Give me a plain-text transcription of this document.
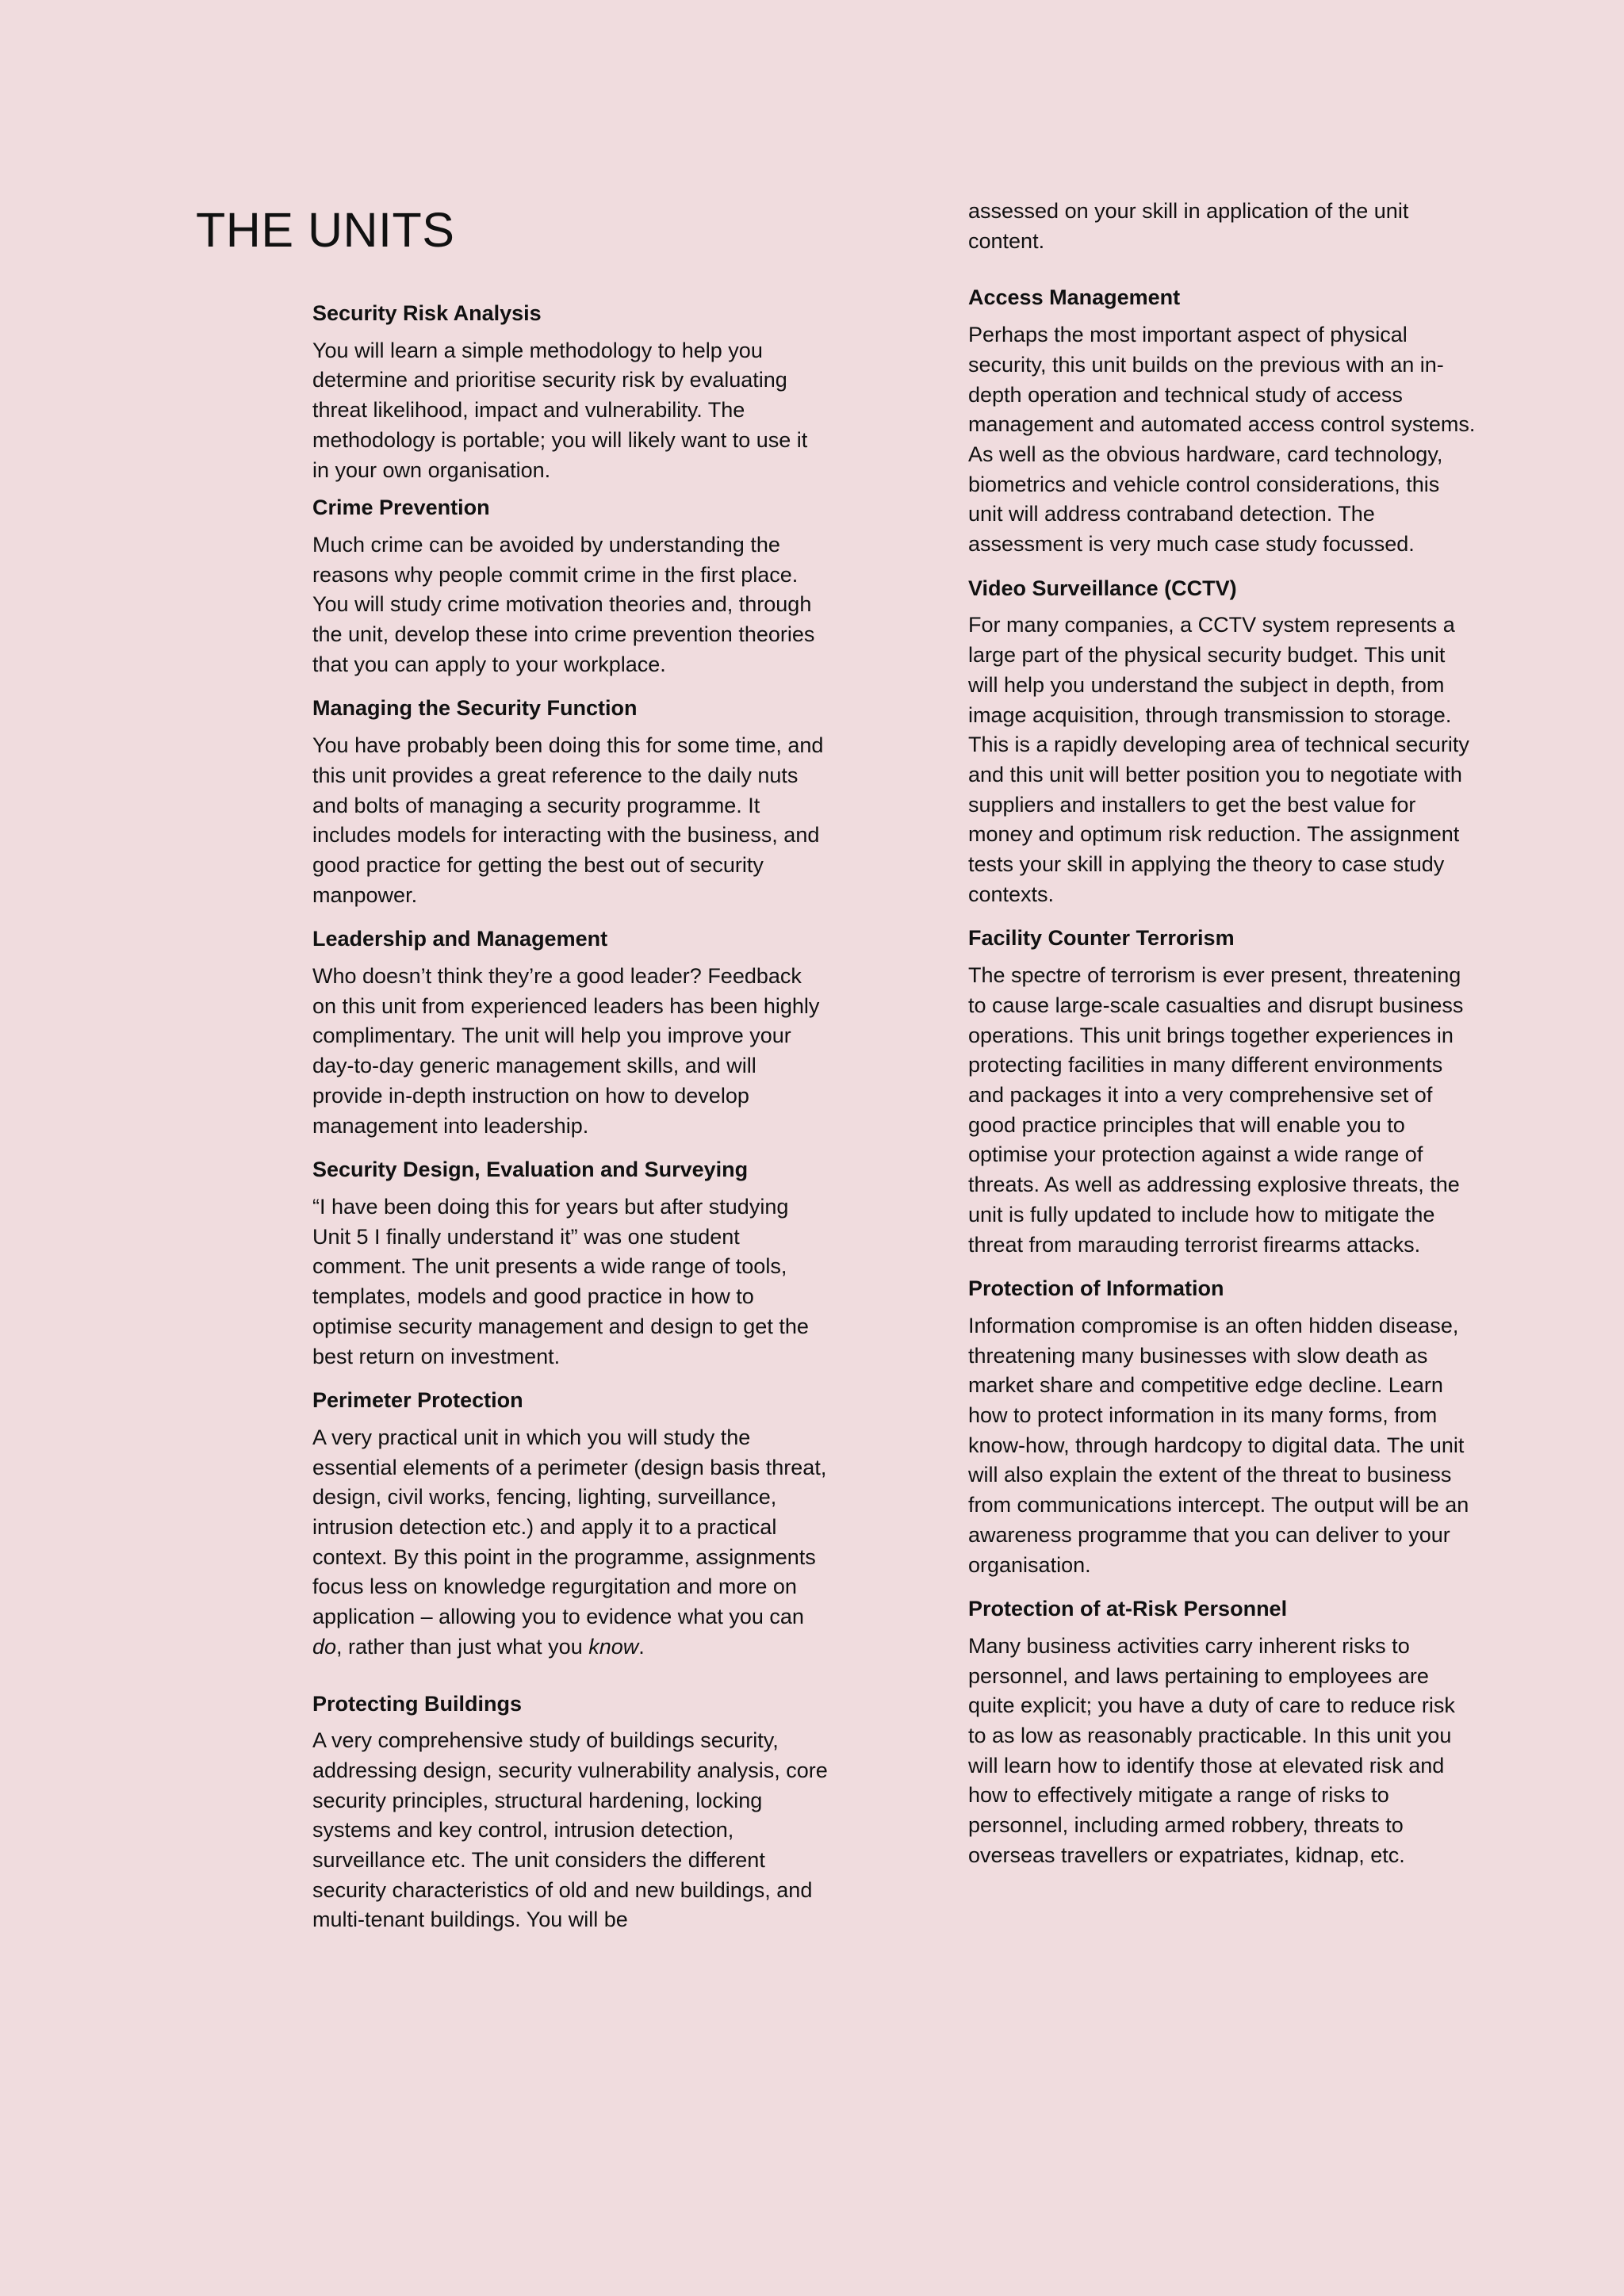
THE UNITS
Security Risk Analysis

You will learn a simple methodology to help you determine and prioritise security risk by evaluating threat likelihood, impact and vulnerability. The methodology is portable; you will likely want to use it in your own organisation.

Crime Prevention

Much crime can be avoided by understanding the reasons why people commit crime in the first place. You will study crime motivation theories and, through the unit, develop these into crime prevention theories that you can apply to your workplace.

Managing the Security Function

You have probably been doing this for some time, and this unit provides a great reference to the daily nuts and bolts of managing a security programme. It includes models for interacting with the business, and good practice for getting the best out of security manpower.

Leadership and Management

Who doesn’t think they’re a good leader? Feedback on this unit from experienced leaders has been highly complimentary. The unit will help you improve your day-to-day generic management skills, and will provide in-depth instruction on how to develop management into leadership.

Security Design, Evaluation and Surveying

“I have been doing this for years but after studying Unit 5 I finally understand it” was one student comment. The unit presents a wide range of tools, templates, models and good practice in how to optimise security management and design to get the best return on investment.

Perimeter Protection

A very practical unit in which you will study the essential elements of a perimeter (design basis threat, design, civil works, fencing, lighting, surveillance, intrusion detection etc.) and apply it to a practical context. By this point in the programme, assignments focus less on knowledge regurgitation and more on application – allowing you to evidence what you can do, rather than just what you know.

Protecting Buildings

A very comprehensive study of buildings security, addressing design, security vulnerability analysis, core security principles, structural hardening, locking systems and key control, intrusion detection, surveillance etc. The unit considers the different security characteristics of old and new buildings, and multi-tenant buildings. You will be

assessed on your skill in application of the unit content.

Access Management

Perhaps the most important aspect of physical security, this unit builds on the previous with an in-depth operation and technical study of access management and automated access control systems. As well as the obvious hardware, card technology, biometrics and vehicle control considerations, this unit will address contraband detection. The assessment is very much case study focussed.

Video Surveillance (CCTV)

For many companies, a CCTV system represents a large part of the physical security budget. This unit will help you understand the subject in depth, from image acquisition, through transmission to storage. This is a rapidly developing area of technical security and this unit will better position you to negotiate with suppliers and installers to get the best value for money and optimum risk reduction. The assignment tests your skill in applying the theory to case study contexts.

Facility Counter Terrorism

The spectre of terrorism is ever present, threatening to cause large-scale casualties and disrupt business operations. This unit brings together experiences in protecting facilities in many different environments and packages it into a very comprehensive set of good practice principles that will enable you to optimise your protection against a wide range of threats. As well as addressing explosive threats, the unit is fully updated to include how to mitigate the threat from marauding terrorist firearms attacks.

Protection of Information

Information compromise is an often hidden disease, threatening many businesses with slow death as market share and competitive edge decline. Learn how to protect information in its many forms, from know-how, through hardcopy to digital data. The unit will also explain the extent of the threat to business from communications intercept. The output will be an awareness programme that you can deliver to your organisation.

Protection of at-Risk Personnel

Many business activities carry inherent risks to personnel, and laws pertaining to employees are quite explicit; you have a duty of care to reduce risk to as low as reasonably practicable. In this unit you will learn how to identify those at elevated risk and how to effectively mitigate a range of risks to personnel, including armed robbery, threats to overseas travellers or expatriates, kidnap, etc.
